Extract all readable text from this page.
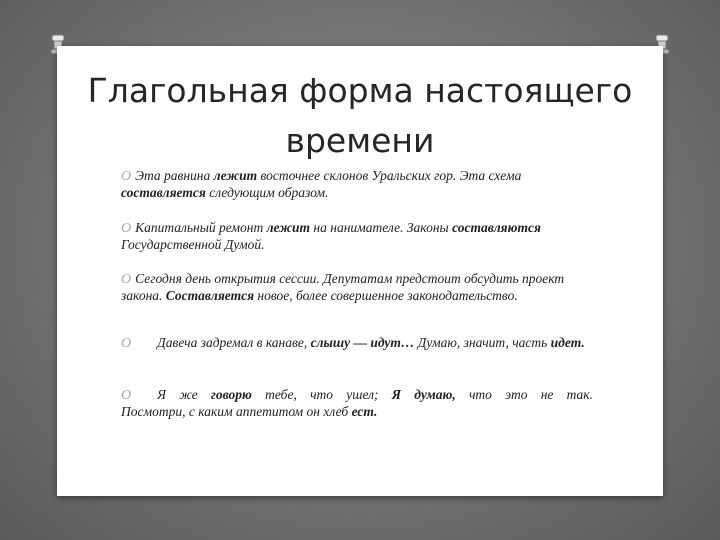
Глагольная форма настоящего
времени
O Эта равнина лежит восточнее склонов Уральских гор. Эта схема составляется следующим образом.
O Капитальный ремонт лежит на нанимателе. Законы составляются Государственной Думой.
O Сегодня день открытия сессии. Депутатам предстоит обсудить проект закона. Составляется новое, более совершенное законодательство.
O Давеча задремал в канаве, слышу — идут… Думаю, значит, часть идет.
O Я же говорю тебе, что ушел; Я думаю, что это не так.
Посмотри, с каким аппетитом он хлеб ест.
